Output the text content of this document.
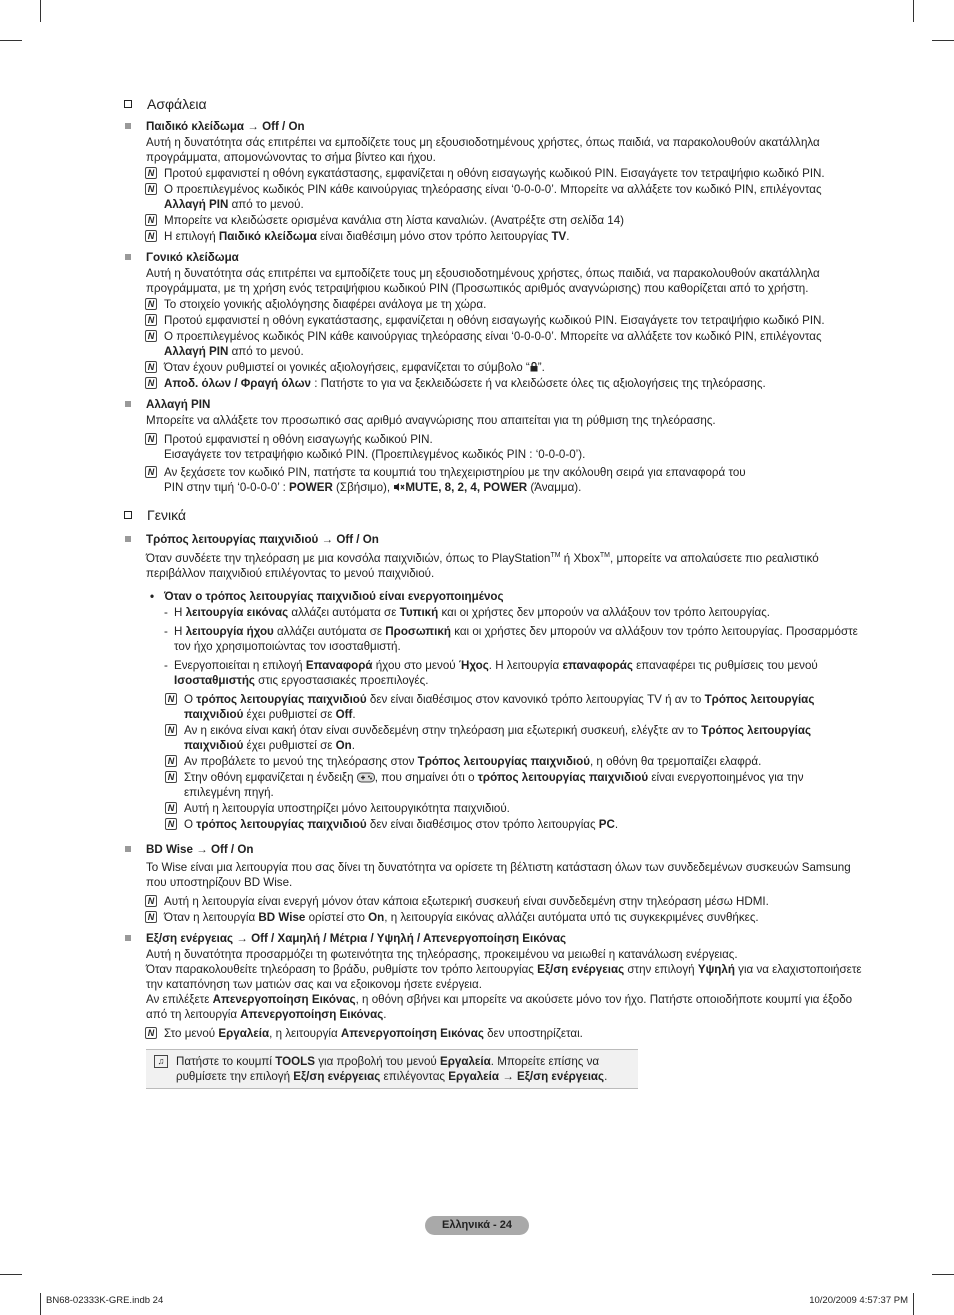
Ασφάλεια
Παιδικό κλείδωμα → Off / On
Αυτή η δυνατότητα σάς επιτρέπει να εμποδίζετε τους μη εξουσιοδοτημένους χρήστες, όπως παιδιά, να παρακολουθούν ακατάλληλα προγράμματα, απομονώνοντας το σήμα βίντεο και ήχου.
N Προτού εμφανιστεί η οθόνη εγκατάστασης, εμφανίζεται η οθόνη εισαγωγής κωδικού PIN. Εισαγάγετε τον τετραψήφιο κωδικό PIN.
N Ο προεπιλεγμένος κωδικός PIN κάθε καινούργιας τηλεόρασης είναι ‘0-0-0-0’. Μπορείτε να αλλάξετε τον κωδικό PIN, επιλέγοντας Αλλαγή PIN από το μενού.
N Μπορείτε να κλειδώσετε ορισμένα κανάλια στη λίστα καναλιών. (Ανατρέξτε στη σελίδα 14)
N Η επιλογή Παιδικό κλείδωμα είναι διαθέσιμη μόνο στον τρόπο λειτουργίας TV.
Γονικό κλείδωμα
Αυτή η δυνατότητα σάς επιτρέπει να εμποδίζετε τους μη εξουσιοδοτημένους χρήστες, όπως παιδιά, να παρακολουθούν ακατάλληλα προγράμματα, με τη χρήση ενός τετραψήφιου κωδικού PIN (Προσωπικός αριθμός αναγνώρισης) που καθορίζεται από το χρήστη.
N Το στοιχείο γονικής αξιολόγησης διαφέρει ανάλογα με τη χώρα.
N Προτού εμφανιστεί η οθόνη εγκατάστασης, εμφανίζεται η οθόνη εισαγωγής κωδικού PIN. Εισαγάγετε τον τετραψήφιο κωδικό PIN.
N Ο προεπιλεγμένος κωδικός PIN κάθε καινούργιας τηλεόρασης είναι ‘0-0-0-0’. Μπορείτε να αλλάξετε τον κωδικό PIN, επιλέγοντας Αλλαγή PIN από το μενού.
N Όταν έχουν ρυθμιστεί οι γονικές αξιολογήσεις, εμφανίζεται το σύμβολο “ ”.
N Αποδ. όλων / Φραγή όλων : Πατήστε το για να ξεκλειδώσετε ή να κλειδώσετε όλες τις αξιολογήσεις της τηλεόρασης.
Αλλαγή PIN
Μπορείτε να αλλάξετε τον προσωπικό σας αριθμό αναγνώρισης που απαιτείται για τη ρύθμιση της τηλεόρασης.
N Προτού εμφανιστεί η οθόνη εισαγωγής κωδικού PIN.
Εισαγάγετε τον τετραψήφιο κωδικό PIN. (Προεπιλεγμένος κωδικός PIN : ‘0-0-0-0’).
N Αν ξεχάσετε τον κωδικό PIN, πατήστε τα κουμπιά του τηλεχειριστηρίου με την ακόλουθη σειρά για επαναφορά του
PIN στην τιμή ‘0-0-0-0’ : POWER (Σβήσιμο), MUTE, 8, 2, 4, POWER (Άναμμα).
Γενικά
Τρόπος λειτουργίας παιχνιδιού → Off / On
Όταν συνδέετε την τηλεόραση με μια κονσόλα παιχνιδιών, όπως το PlayStation™ ή Xbox™, μπορείτε να απολαύσετε πιο ρεαλιστικό περιβάλλον παιχνιδιού επιλέγοντας το μενού παιχνιδιού.
• Όταν ο τρόπος λειτουργίας παιχνιδιού είναι ενεργοποιημένος
- Η λειτουργία εικόνας αλλάζει αυτόματα σε Τυπική και οι χρήστες δεν μπορούν να αλλάξουν τον τρόπο λειτουργίας.
- Η λειτουργία ήχου αλλάζει αυτόματα σε Προσωπική και οι χρήστες δεν μπορούν να αλλάξουν τον τρόπο λειτουργίας. Προσαρμόστε τον ήχο χρησιμοποιώντας τον ισοσταθμιστή.
- Ενεργοποιείται η επιλογή Επαναφορά ήχου στο μενού Ήχος. Η λειτουργία επαναφοράς επαναφέρει τις ρυθμίσεις του μενού Ισοσταθμιστής στις εργοστασιακές προεπιλογές.
N Ο τρόπος λειτουργίας παιχνιδιού δεν είναι διαθέσιμος στον κανονικό τρόπο λειτουργίας TV ή αν το Τρόπος λειτουργίας παιχνιδιού έχει ρυθμιστεί σε Off.
N Αν η εικόνα είναι κακή όταν είναι συνδεδεμένη στην τηλεόραση μια εξωτερική συσκευή, ελέγξτε αν το Τρόπος λειτουργίας παιχνιδιού έχει ρυθμιστεί σε On.
N Αν προβάλετε το μενού της τηλεόρασης στον Τρόπος λειτουργίας παιχνιδιού, η οθόνη θα τρεμοπαίζει ελαφρά.
N Στην οθόνη εμφανίζεται η ένδειξη , που σημαίνει ότι ο τρόπος λειτουργίας παιχνιδιού είναι ενεργοποιημένος για την επιλεγμένη πηγή.
N Αυτή η λειτουργία υποστηρίζει μόνο λειτουργικότητα παιχνιδιού.
N Ο τρόπος λειτουργίας παιχνιδιού δεν είναι διαθέσιμος στον τρόπο λειτουργίας PC.
BD Wise → Off / On
Το Wise είναι μια λειτουργία που σας δίνει τη δυνατότητα να ορίσετε τη βέλτιστη κατάσταση όλων των συνδεδεμένων συσκευών Samsung που υποστηρίζουν BD Wise.
N Αυτή η λειτουργία είναι ενεργή μόνον όταν κάποια εξωτερική συσκευή είναι συνδεδεμένη στην τηλεόραση μέσω HDMI.
N Όταν η λειτουργία BD Wise ορίστεί στο On, η λειτουργία εικόνας αλλάζει αυτόματα υπό τις συγκεκριμένες συνθήκες.
Εξ/ση ενέργειας → Off / Χαμηλή / Μέτρια / Υψηλή / Απενεργοποίηση Εικόνας
Αυτή η δυνατότητα προσαρμόζει τη φωτεινότητα της τηλεόρασης, προκειμένου να μειωθεί η κατανάλωση ενέργειας.
Όταν παρακολουθείτε τηλεόραση το βράδυ, ρυθμίστε τον τρόπο λειτουργίας Εξ/ση ενέργειας στην επιλογή Υψηλή για να ελαχιστοποιήσετε την καταπόνηση των ματιών σας και να εξοικονομ ήσετε ενέργεια.
Αν επιλέξετε Απενεργοποίηση Εικόνας, η οθόνη σβήνει και μπορείτε να ακούσετε μόνο τον ήχο. Πατήστε οποιοδήποτε κουμπί για έξοδο από τη λειτουργία Απενεργοποίηση Εικόνας.
N Στο μενού Εργαλεία, η λειτουργία Απενεργοποίηση Εικόνας δεν υποστηρίζεται.
♫	Πατήστε το κουμπί TOOLS για προβολή του μενού Εργαλεία. Μπορείτε επίσης να ρυθμίσετε την επιλογή Εξ/ση ενέργειας επιλέγοντας Εργαλεία → Εξ/ση ενέργειας.
Ελληνικά - 24
BN68-02333K-GRE.indb 24	10/20/2009 4:57:37 PM
